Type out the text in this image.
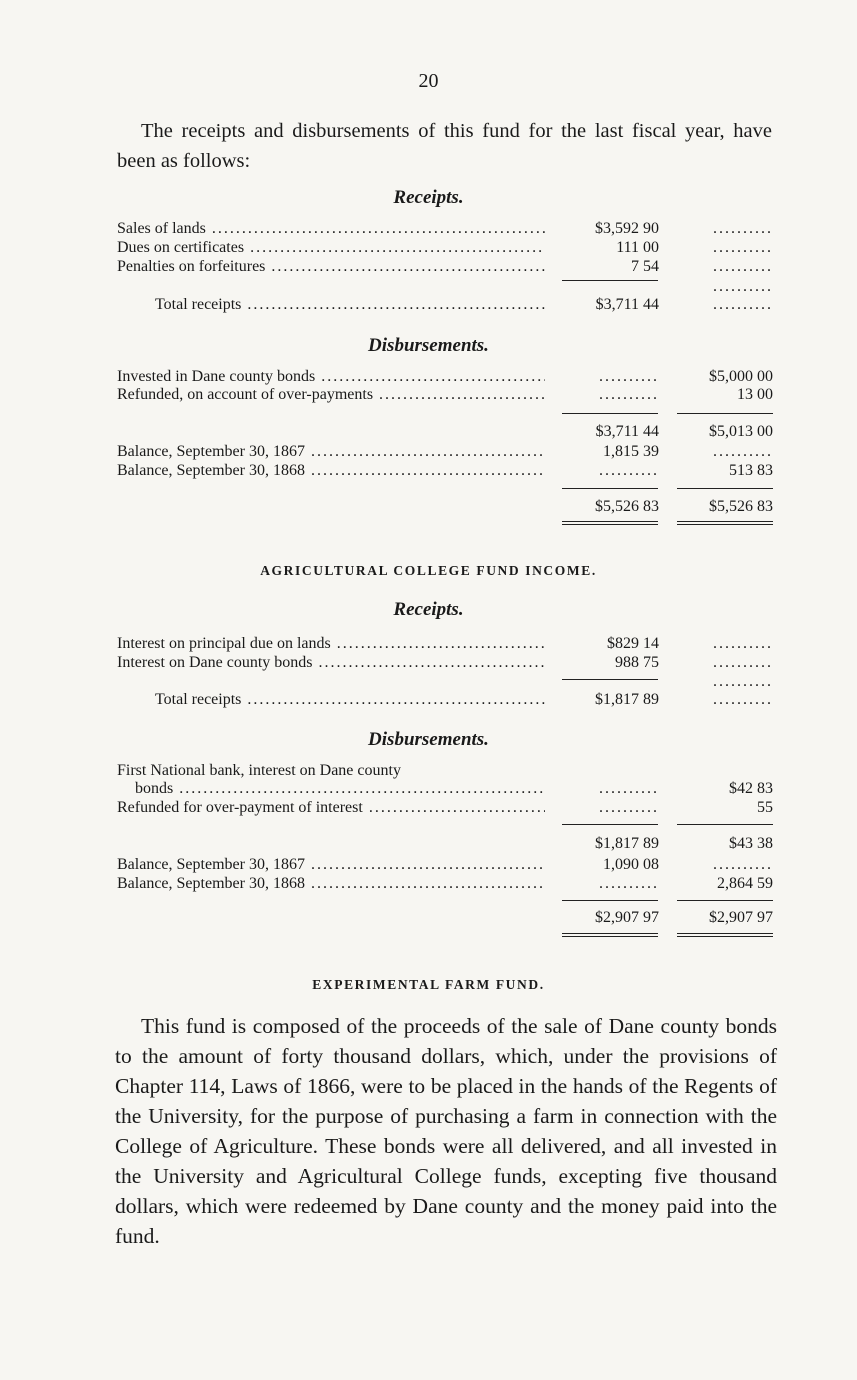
20
The receipts and disbursements of this fund for the last fiscal year, have been as follows:
Receipts.
Sales of lands .....	$3,592 90	..........
Dues on certificates .....	111 00	..........
Penalties on forfeitures .....	7 54	..........
..........
Total receipts .....	$3,711 44	..........
Disbursements.
Invested in Dane county bonds .....	..........	$5,000 00
Refunded, on account of over-payments .....	..........	13 00
$3,711 44	$5,013 00
Balance, September 30, 1867 .....	1,815 39	..........
Balance, September 30, 1868 .....	..........	513 83
$5,526 83	$5,526 83
AGRICULTURAL COLLEGE FUND INCOME.
Receipts.
Interest on principal due on lands .....	$829 14	..........
Interest on Dane county bonds .....	988 75	..........
..........
Total receipts .....	$1,817 89	..........
Disbursements.
First National bank, interest on Dane county
bonds .....	..........	$42 83
Refunded for over-payment of interest .....	..........	55
$1,817 89	$43 38
Balance, September 30, 1867 .....	1,090 08	..........
Balance, September 30, 1868 .....	..........	2,864 59
$2,907 97	$2,907 97
EXPERIMENTAL FARM FUND.
This fund is composed of the proceeds of the sale of Dane county bonds to the amount of forty thousand dollars, which, under the provisions of Chapter 114, Laws of 1866, were to be placed in the hands of the Regents of the University, for the purpose of purchasing a farm in connection with the College of Agriculture. These bonds were all delivered, and all invested in the University and Agricultural College funds, excepting five thousand dollars, which were redeemed by Dane county and the money paid into the fund.
